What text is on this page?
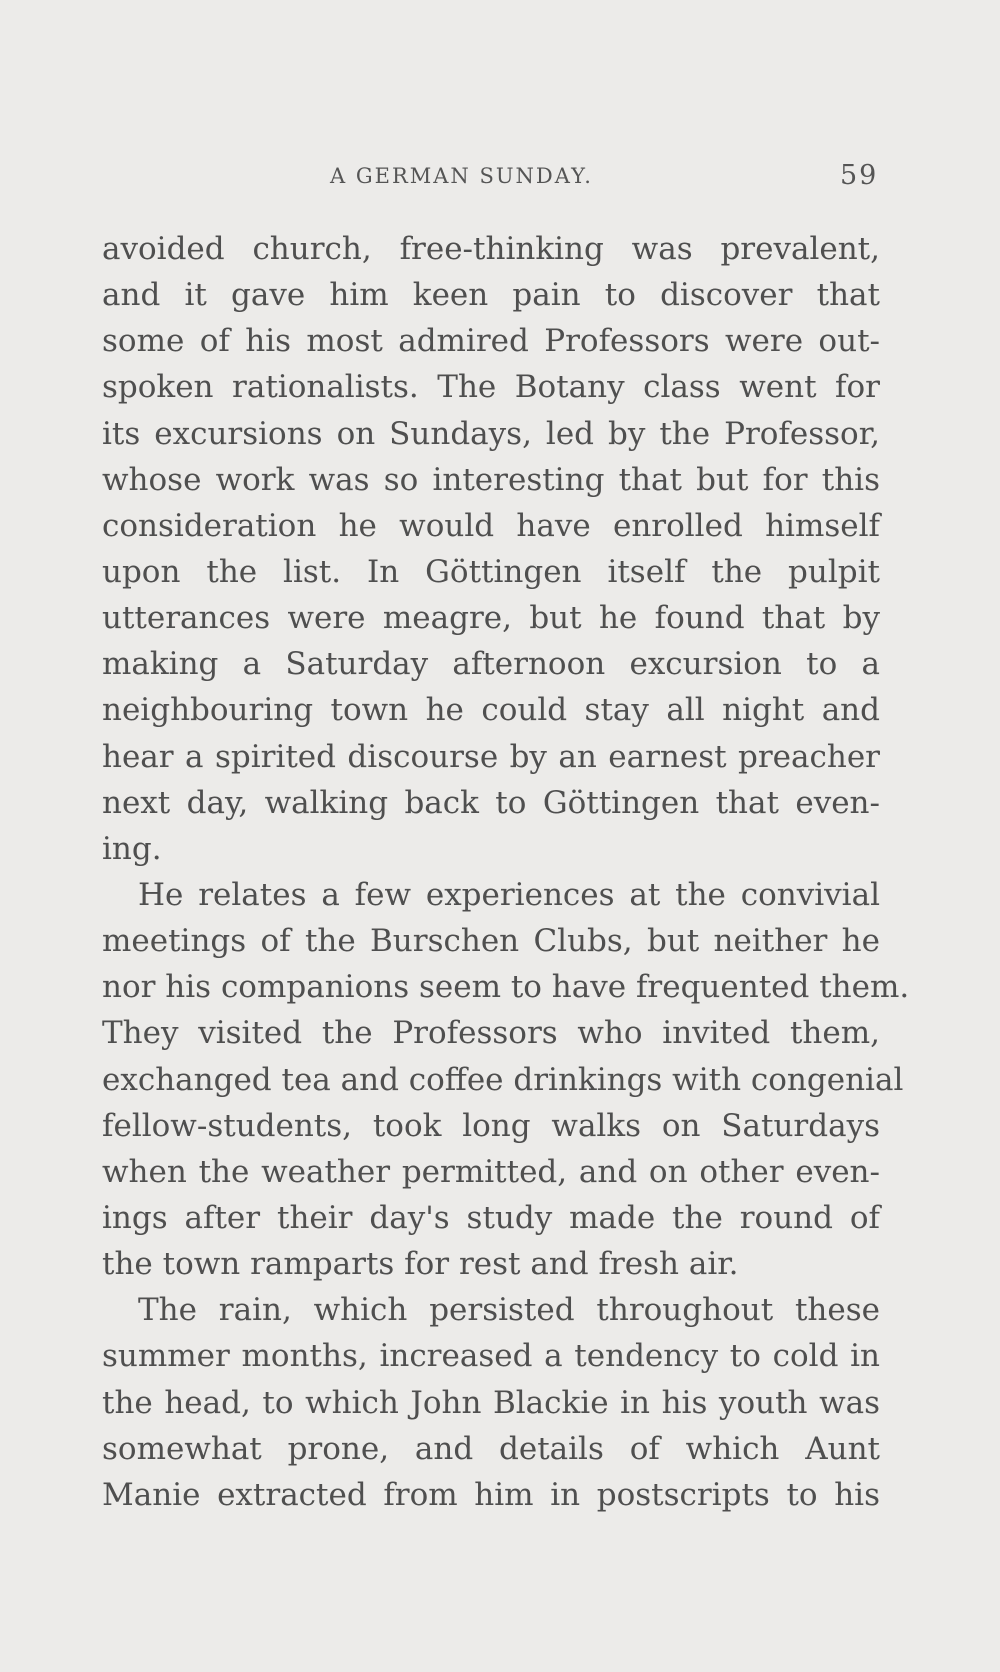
A GERMAN SUNDAY.	59
avoided church, free-thinking was prevalent,
and it gave him keen pain to discover that
some of his most admired Professors were out-
spoken rationalists. The Botany class went for
its excursions on Sundays, led by the Professor,
whose work was so interesting that but for this
consideration he would have enrolled himself
upon the list. In Göttingen itself the pulpit
utterances were meagre, but he found that by
making a Saturday afternoon excursion to a
neighbouring town he could stay all night and
hear a spirited discourse by an earnest preacher
next day, walking back to Göttingen that even-
ing.
He relates a few experiences at the convivial
meetings of the Burschen Clubs, but neither he
nor his companions seem to have frequented them.
They visited the Professors who invited them,
exchanged tea and coffee drinkings with congenial
fellow-students, took long walks on Saturdays
when the weather permitted, and on other even-
ings after their day's study made the round of
the town ramparts for rest and fresh air.
The rain, which persisted throughout these
summer months, increased a tendency to cold in
the head, to which John Blackie in his youth was
somewhat prone, and details of which Aunt
Manie extracted from him in postscripts to his
